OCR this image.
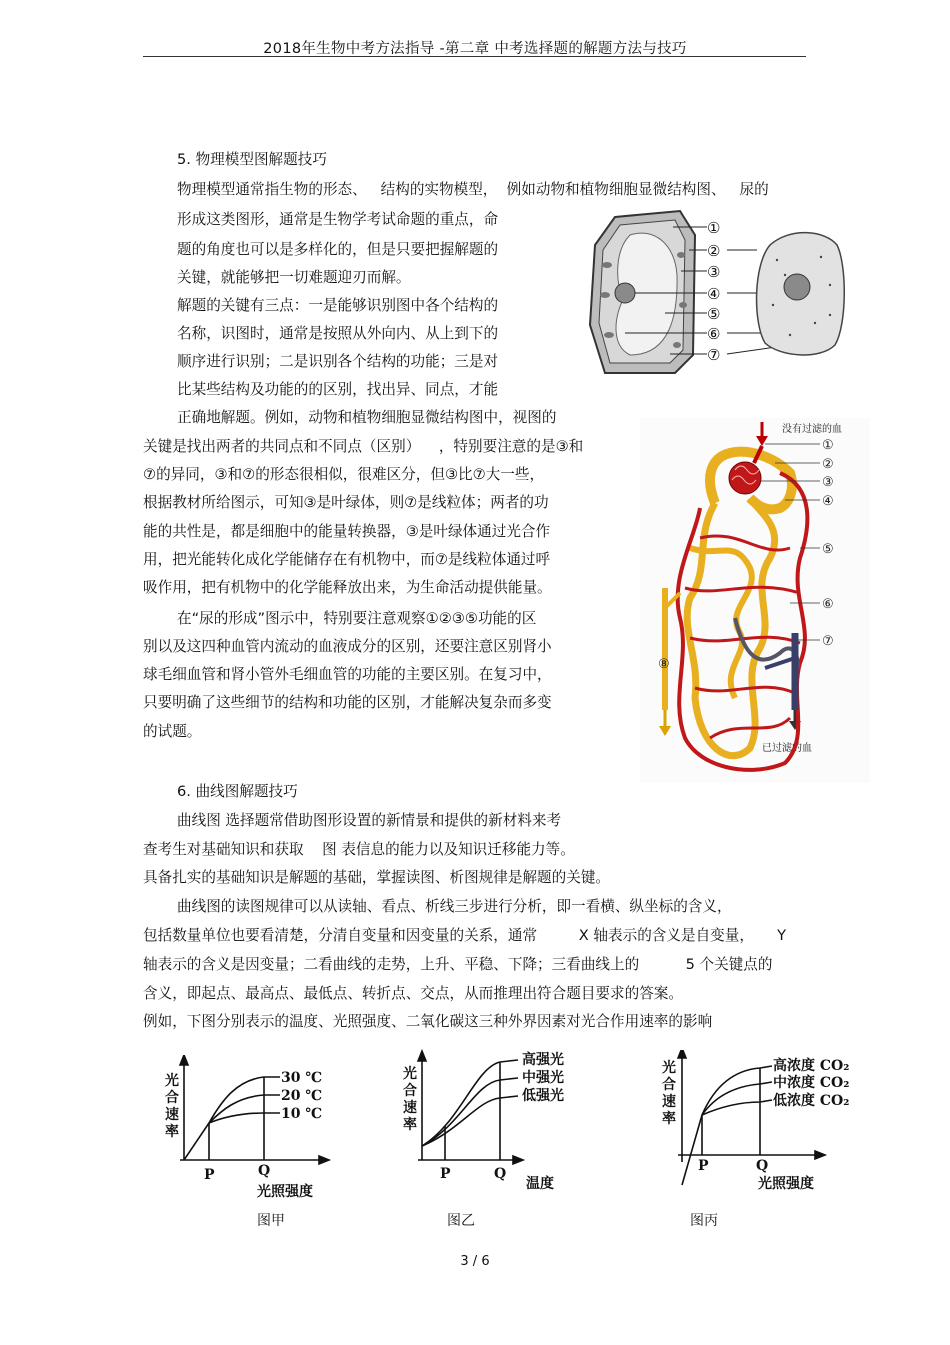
2018年生物中考方法指导 -第二章 中考选择题的解题方法与技巧
5. 物理模型图解题技巧
物理模型通常指生物的形态、   结构的实物模型，  例如动物和植物细胞显微结构图、   尿的
形成这类图形，通常是生物学考试命题的重点，命
题的角度也可以是多样化的，但是只要把握解题的
关键，就能够把一切难题迎刃而解。
解题的关键有三点：一是能够识别图中各个结构的
名称，识图时，通常是按照从外向内、从上到下的
顺序进行识别；二是识别各个结构的功能；三是对
比某些结构及功能的的区别，找出异、同点，才能
正确地解题。例如，动物和植物细胞显微结构图中，视图的
关键是找出两者的共同点和不同点（区别）    ，特别要注意的是③和
⑦的异同，③和⑦的形态很相似，很难区分，但③比⑦大一些，
根据教材所给图示，可知③是叶绿体，则⑦是线粒体；两者的功
能的共性是，都是细胞中的能量转换器，③是叶绿体通过光合作
用，把光能转化成化学能储存在有机物中，而⑦是线粒体通过呼
吸作用，把有机物中的化学能释放出来，为生命活动提供能量。
在“尿的形成”图示中，特别要注意观察①②③⑤功能的区
别以及这四种血管内流动的血液成分的区别，还要注意区别肾小
球毛细血管和肾小管外毛细血管的功能的主要区别。在复习中，
只要明确了这些细节的结构和功能的区别，才能解决复杂而多变
的试题。
①
②
③
④
⑤
⑥
⑦
没有过滤的血
已过滤的血
①
②
③
④
⑤
⑥
⑦
⑧
6. 曲线图解题技巧
曲线图 选择题常借助图形设置的新情景和提供的新材料来考
查考生对基础知识和获取    图 表信息的能力以及知识迁移能力等。
具备扎实的基础知识是解题的基础，掌握读图、析图规律是解题的关键。
曲线图的读图规律可以从读轴、看点、析线三步进行分析，即一看横、纵坐标的含义，
包括数量单位也要看清楚，分清自变量和因变量的关系，通常         X 轴表示的含义是自变量，     Y
轴表示的含义是因变量；二看曲线的走势，上升、平稳、下降；三看曲线上的          5 个关键点的
含义，即起点、最高点、最低点、转折点、交点，从而推理出符合题目要求的答案。
例如，下图分别表示的温度、光照强度、二氧化碳这三种外界因素对光合作用速率的影响
光合速率
P	Q
光照强度
30 ℃
20 ℃
10 ℃
图甲
光合速率
P	Q
温度
高强光
中强光
低强光
图乙
光合速率
P	Q
光照强度
高浓度 CO₂
中浓度 CO₂
低浓度 CO₂
图丙
3 / 6
